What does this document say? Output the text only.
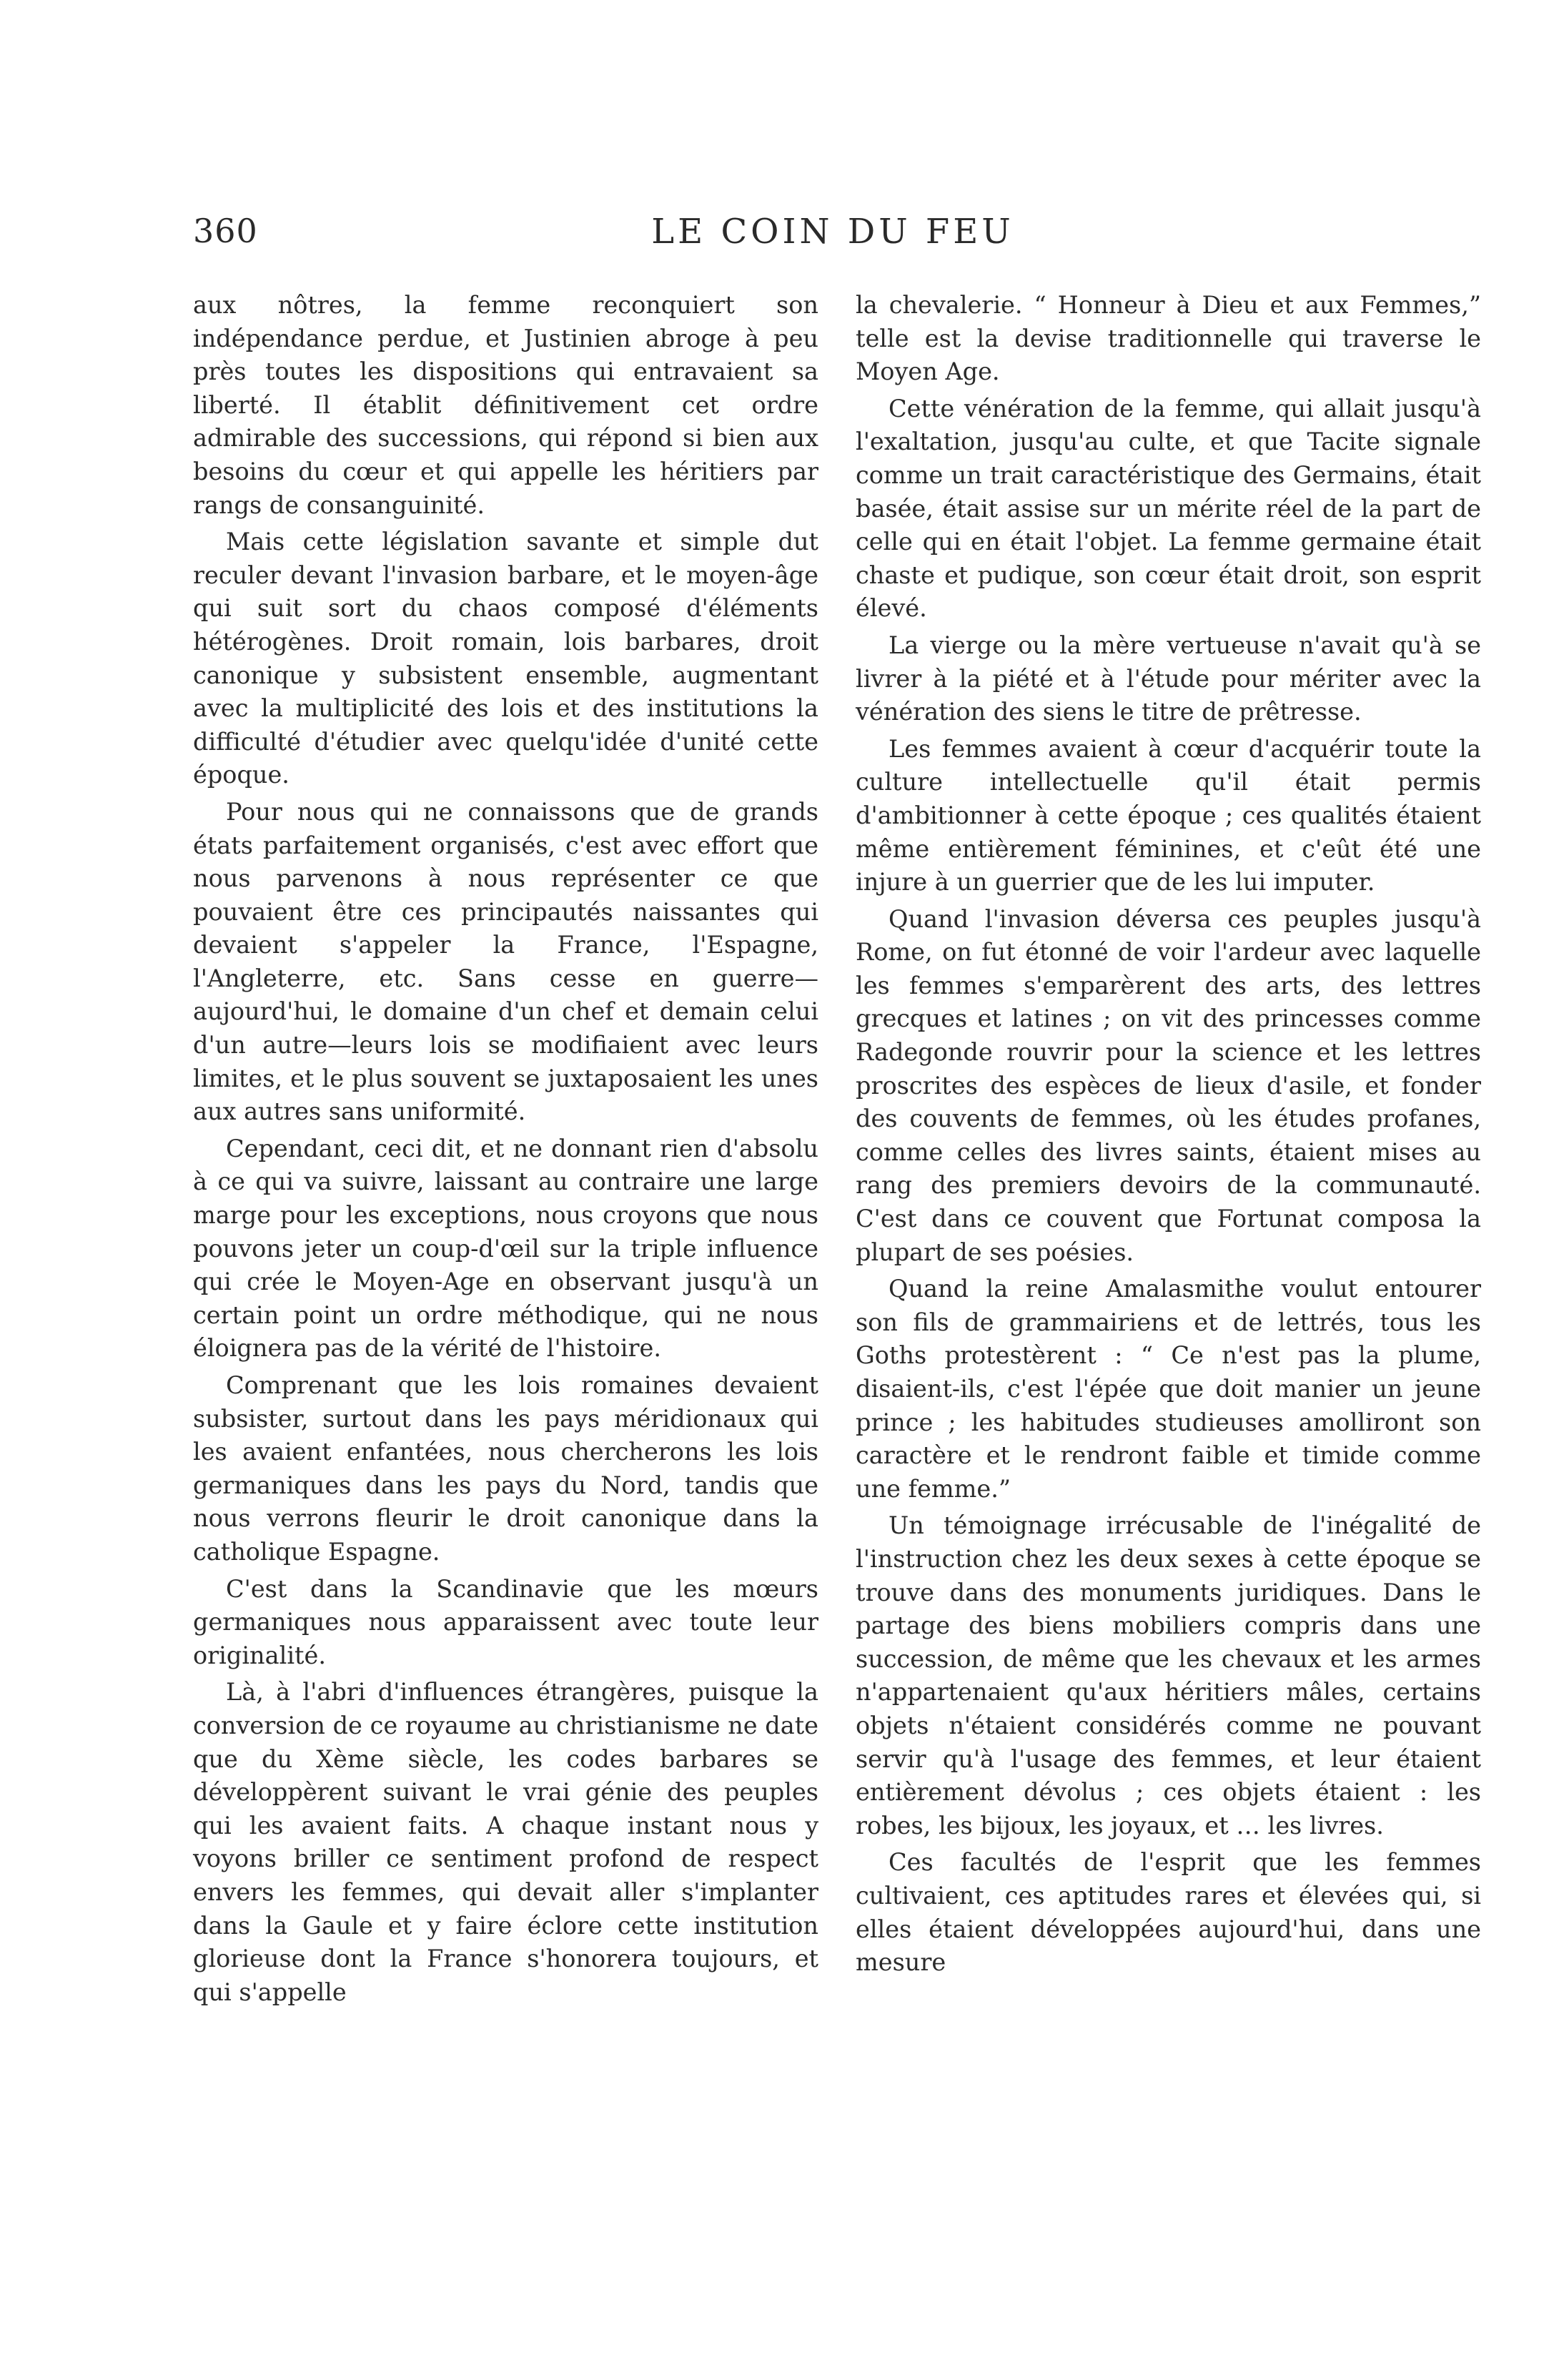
360	LE COIN DU FEU

aux nôtres, la femme reconquiert son indépendance perdue, et Justinien abroge à peu près toutes les dispositions qui entravaient sa liberté. Il établit définitivement cet ordre admirable des successions, qui répond si bien aux besoins du cœur et qui appelle les héritiers par rangs de consanguinité.

Mais cette législation savante et simple dut reculer devant l'invasion barbare, et le moyen-âge qui suit sort du chaos composé d'éléments hétérogènes. Droit romain, lois barbares, droit canonique y subsistent ensemble, augmentant avec la multiplicité des lois et des institutions la difficulté d'étudier avec quelqu'idée d'unité cette époque.

Pour nous qui ne connaissons que de grands états parfaitement organisés, c'est avec effort que nous parvenons à nous représenter ce que pouvaient être ces principautés naissantes qui devaient s'appeler la France, l'Espagne, l'Angleterre, etc. Sans cesse en guerre—aujourd'hui, le domaine d'un chef et demain celui d'un autre—leurs lois se modifiaient avec leurs limites, et le plus souvent se juxtaposaient les unes aux autres sans uniformité.

Cependant, ceci dit, et ne donnant rien d'absolu à ce qui va suivre, laissant au contraire une large marge pour les exceptions, nous croyons que nous pouvons jeter un coup-d'œil sur la triple influence qui crée le Moyen-Age en observant jusqu'à un certain point un ordre méthodique, qui ne nous éloignera pas de la vérité de l'histoire.

Comprenant que les lois romaines devaient subsister, surtout dans les pays méridionaux qui les avaient enfantées, nous chercherons les lois germaniques dans les pays du Nord, tandis que nous verrons fleurir le droit canonique dans la catholique Espagne.

C'est dans la Scandinavie que les mœurs germaniques nous apparaissent avec toute leur originalité.

Là, à l'abri d'influences étrangères, puisque la conversion de ce royaume au christianisme ne date que du Xème siècle, les codes barbares se développèrent suivant le vrai génie des peuples qui les avaient faits. A chaque instant nous y voyons briller ce sentiment profond de respect envers les femmes, qui devait aller s'implanter dans la Gaule et y faire éclore cette institution glorieuse dont la France s'honorera toujours, et qui s'appelle

la chevalerie. “ Honneur à Dieu et aux Femmes,” telle est la devise traditionnelle qui traverse le Moyen Age.

Cette vénération de la femme, qui allait jusqu'à l'exaltation, jusqu'au culte, et que Tacite signale comme un trait caractéristique des Germains, était basée, était assise sur un mérite réel de la part de celle qui en était l'objet. La femme germaine était chaste et pudique, son cœur était droit, son esprit élevé.

La vierge ou la mère vertueuse n'avait qu'à se livrer à la piété et à l'étude pour mériter avec la vénération des siens le titre de prêtresse.

Les femmes avaient à cœur d'acquérir toute la culture intellectuelle qu'il était permis d'ambitionner à cette époque ; ces qualités étaient même entièrement féminines, et c'eût été une injure à un guerrier que de les lui imputer.

Quand l'invasion déversa ces peuples jusqu'à Rome, on fut étonné de voir l'ardeur avec laquelle les femmes s'emparèrent des arts, des lettres grecques et latines ; on vit des princesses comme Radegonde rouvrir pour la science et les lettres proscrites des espèces de lieux d'asile, et fonder des couvents de femmes, où les études profanes, comme celles des livres saints, étaient mises au rang des premiers devoirs de la communauté. C'est dans ce couvent que Fortunat composa la plupart de ses poésies.

Quand la reine Amalasmithe voulut entourer son fils de grammairiens et de lettrés, tous les Goths protestèrent : “ Ce n'est pas la plume, disaient-ils, c'est l'épée que doit manier un jeune prince ; les habitudes studieuses amolliront son caractère et le rendront faible et timide comme une femme.”

Un témoignage irrécusable de l'inégalité de l'instruction chez les deux sexes à cette époque se trouve dans des monuments juridiques. Dans le partage des biens mobiliers compris dans une succession, de même que les chevaux et les armes n'appartenaient qu'aux héritiers mâles, certains objets n'étaient considérés comme ne pouvant servir qu'à l'usage des femmes, et leur étaient entièrement dévolus ; ces objets étaient : les robes, les bijoux, les joyaux, et … les livres.

Ces facultés de l'esprit que les femmes cultivaient, ces aptitudes rares et élevées qui, si elles étaient développées aujourd'hui, dans une mesure
